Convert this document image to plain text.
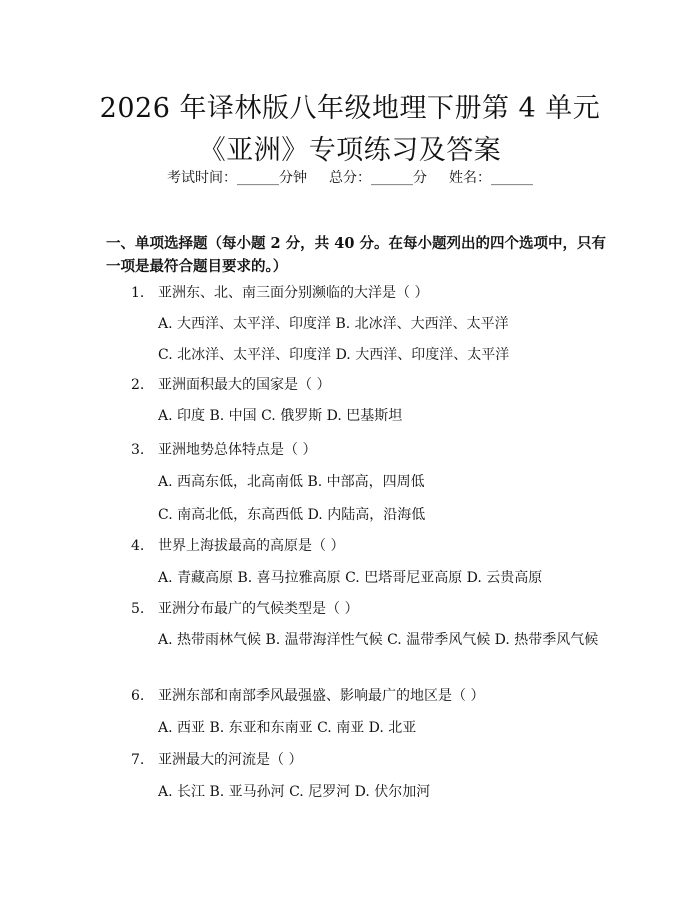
2026 年译林版八年级地理下册第 4 单元《亚洲》专项练习及答案
考试时间：______分钟 总分：______分 姓名：______
一、单项选择题（每小题 2 分，共 40 分。在每小题列出的四个选项中，只有一项是最符合题目要求的。）
1. 亚洲东、北、南三面分别濒临的大洋是（ ）
A. 大西洋、太平洋、印度洋 B. 北冰洋、大西洋、太平洋
C. 北冰洋、太平洋、印度洋 D. 大西洋、印度洋、太平洋
2. 亚洲面积最大的国家是（ ）
A. 印度 B. 中国 C. 俄罗斯 D. 巴基斯坦
3. 亚洲地势总体特点是（ ）
A. 西高东低，北高南低 B. 中部高，四周低
C. 南高北低，东高西低 D. 内陆高，沿海低
4. 世界上海拔最高的高原是（ ）
A. 青藏高原 B. 喜马拉雅高原 C. 巴塔哥尼亚高原 D. 云贵高原
5. 亚洲分布最广的气候类型是（ ）
A. 热带雨林气候 B. 温带海洋性气候 C. 温带季风气候 D. 热带季风气候
6. 亚洲东部和南部季风最强盛、影响最广的地区是（ ）
A. 西亚 B. 东亚和东南亚 C. 南亚 D. 北亚
7. 亚洲最大的河流是（ ）
A. 长江 B. 亚马孙河 C. 尼罗河 D. 伏尔加河
